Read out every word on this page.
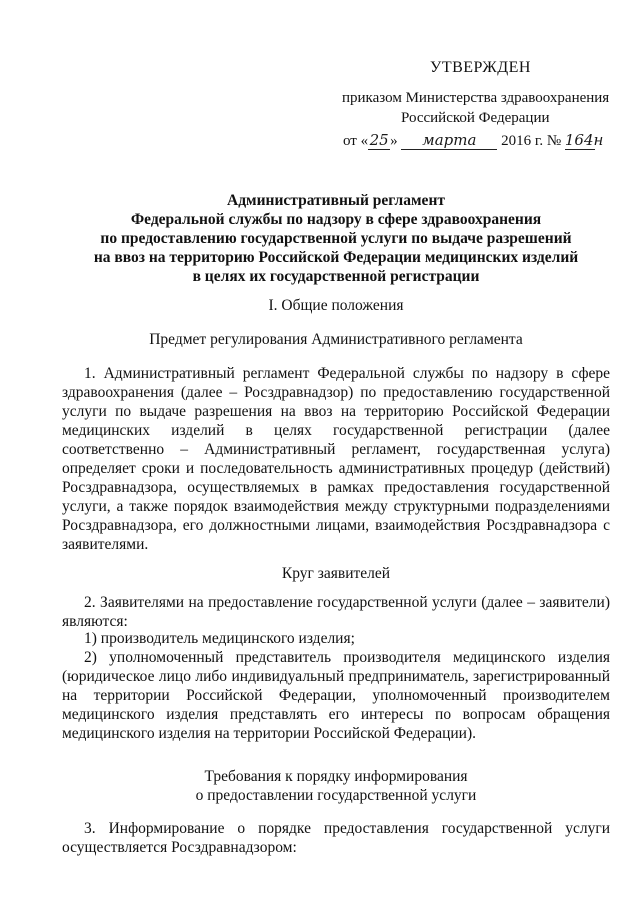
УТВЕРЖДЕН
приказом Министерства здравоохранения
Российской Федерации
от «25» марта 2016 г. № 164н
Административный регламент
Федеральной службы по надзору в сфере здравоохранения
по предоставлению государственной услуги по выдаче разрешений
на ввоз на территорию Российской Федерации медицинских изделий
в целях их государственной регистрации
I. Общие положения
Предмет регулирования Административного регламента
1. Административный регламент Федеральной службы по надзору в сфере здравоохранения (далее – Росздравнадзор) по предоставлению государственной услуги по выдаче разрешения на ввоз на территорию Российской Федерации медицинских изделий в целях государственной регистрации (далее соответственно – Административный регламент, государственная услуга) определяет сроки и последовательность административных процедур (действий) Росздравнадзора, осуществляемых в рамках предоставления государственной услуги, а также порядок взаимодействия между структурными подразделениями Росздравнадзора, его должностными лицами, взаимодействия Росздравнадзора с заявителями.
Круг заявителей
2. Заявителями на предоставление государственной услуги (далее – заявители) являются:
1) производитель медицинского изделия;
2) уполномоченный представитель производителя медицинского изделия (юридическое лицо либо индивидуальный предприниматель, зарегистрированный на территории Российской Федерации, уполномоченный производителем медицинского изделия представлять его интересы по вопросам обращения медицинского изделия на территории Российской Федерации).
Требования к порядку информирования
о предоставлении государственной услуги
3. Информирование о порядке предоставления государственной услуги осуществляется Росздравнадзором:
